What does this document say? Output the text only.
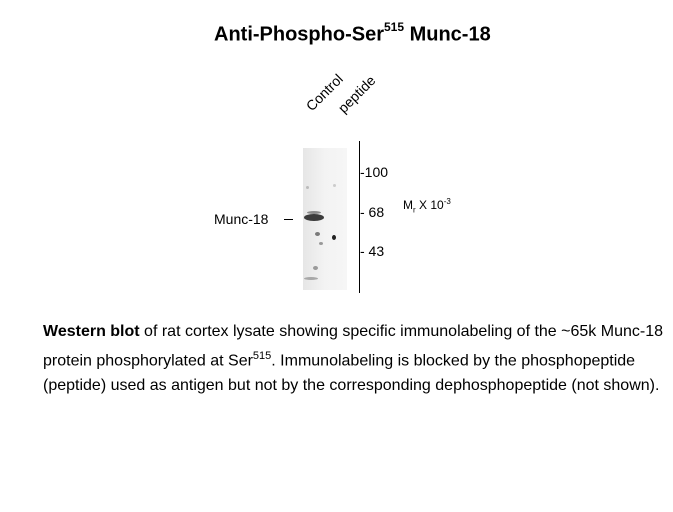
Anti-Phospho-Ser$^{515}$ Munc-18
Control
peptide
-100
- 68
- 43
$M_r$ X $10^{-3}$
Munc-18
Western blot of rat cortex lysate showing specific immunolabeling of the ~65k Munc-18 protein phosphorylated at Ser$^{515}$. Immunolabeling is blocked by the phosphopeptide (peptide) used as antigen but not by the corresponding dephosphopeptide (not shown).
